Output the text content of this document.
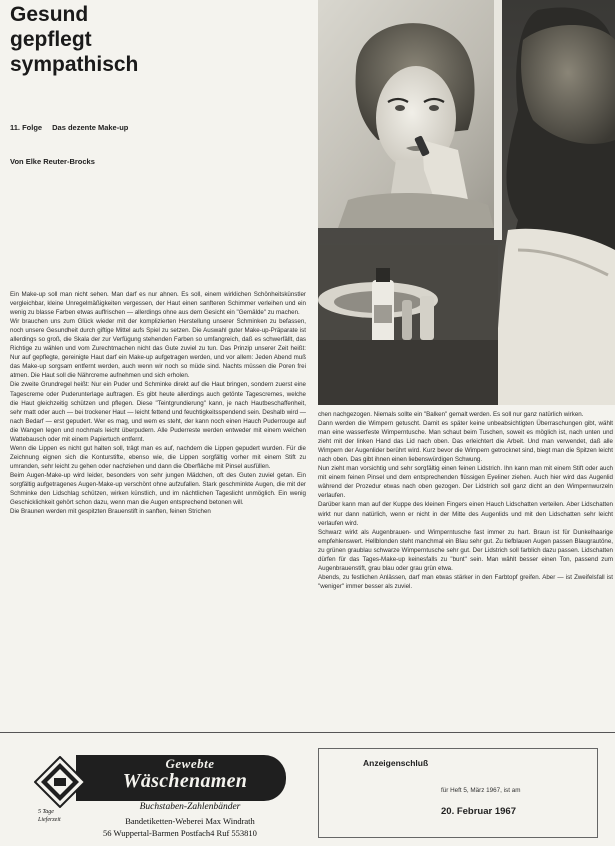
Gesund
gepflegt
sympathisch
11. Folge Das dezente Make-up
Von Elke Reuter-Brocks

Ein Make-up soll man nicht sehen. Man darf es nur ahnen. Es soll, einem wirklichen Schönheitskünstler vergleichbar, kleine Unregelmäßigkeiten vergessen, der Haut einen sanfteren Schimmer verleihen und ein wenig zu blasse Farben etwas auffrischen — allerdings ohne aus dem Gesicht ein "Gemälde" zu machen.

Wir brauchen uns zum Glück wieder mit der komplizierten Herstellung unserer Schminken zu befassen, noch unsere Gesundheit durch giftige Mittel aufs Spiel zu setzen. Die Auswahl guter Make-up-Präparate ist allerdings so groß, die Skala der zur Verfügung stehenden Farben so umfangreich, daß es schwerfällt, das Richtige zu wählen und vom Zurechtmachen nicht das Gute zuviel zu tun. Das Prinzip unserer Zeit heißt: Nur auf gepflegte, gereinigte Haut darf ein Make-up aufgetragen werden, und vor allem: Jeden Abend muß das Make-up sorgsam entfernt werden, auch wenn wir noch so müde sind. Nachts müssen die Poren frei atmen. Die Haut soll die Nährcreme aufnehmen und sich erholen.

Die zweite Grundregel heißt: Nur ein Puder und Schminke direkt auf die Haut bringen, sondern zuerst eine Tagescreme oder Puderunterlage auftragen. Es gibt heute allerdings auch getönte Tagescremes, welche die Haut gleichzeitig schützen und pflegen. Diese "Teintgrundierung" kann, je nach Hautbeschaffenheit, sehr matt oder auch — bei trockener Haut — leicht fettend und feuchtigkeitsspendend sein. Deshalb wird — nach Bedarf — erst gepudert. Wer es mag, und wem es steht, der kann noch einen Hauch Puderrouge auf die Wangen legen und nochmals leicht überpudern. Alle Puderreste werden entweder mit einem weichen Wattebausch oder mit einem Papiertuch entfernt.

Wenn die Lippen es nicht gut halten soll, trägt man es auf, nachdem die Lippen gepudert wurden. Für die Zeichnung eignen sich die Konturstifte, ebenso wie, die Lippen sorgfältig vorher mit einem Stift zu umranden, sehr leicht zu gehen oder nachziehen und dann die Oberfläche mit Pinsel ausfüllen.

Beim Augen-Make-up wird leider, besonders von sehr jungen Mädchen, oft des Guten zuviel getan. Ein sorgfältig aufgetragenes Augen-Make-up verschönt ohne aufzufallen. Stark geschminkte Augen, die mit der Schminke den Lidschlag schützen, wirken künstlich, und im nächtlichen Tageslicht unmöglich. Ein wenig Geschicklichkeit gehört schon dazu, wenn man die Augen entsprechend betonen will.

Die Braunen werden mit gespitzten Brauenstift in sanften, feinen Strichen

chen nachgezogen. Niemals sollte ein "Balken" gemalt werden. Es soll nur ganz natürlich wirken.

Dann werden die Wimpern getuscht. Damit es später keine unbeabsichtigten Überraschungen gibt, wählt man eine wasserfeste Wimperntusche. Man schaut beim Tuschen, soweit es möglich ist, nach unten und zieht mit der linken Hand das Lid nach oben. Das erleichtert die Arbeit. Und man verwendet, daß alle Wimpern der Augenlider berührt wird. Kurz bevor die Wimpern getrocknet sind, biegt man die Spitzen leicht nach oben. Das gibt ihnen einen liebenswürdigen Schwung.

Nun zieht man vorsichtig und sehr sorgfältig einen feinen Lidstrich. Ihn kann man mit einem Stift oder auch mit einem feinen Pinsel und dem entsprechenden flüssigen Eyeliner ziehen. Auch hier wird das Augenlid während der Prozedur etwas nach oben gezogen. Der Lidstrich soll ganz dicht an den Wimpernwurzeln verlaufen.

Darüber kann man auf der Kuppe des kleinen Fingers einen Hauch Lidschatten verteilen. Aber Lidschatten wirkt nur dann natürlich, wenn er nicht in der Mitte des Augenlids und mit den Lidschatten sehr leicht verlaufen wird.

Schwarz wirkt als Augenbrauen- und Wimperntusche fast immer zu hart. Braun ist für Dunkelhaarige empfehlenswert. Hellblonden steht manchmal ein Blau sehr gut. Zu tiefblauen Augen passen Blaugrautöne, zu grünen graublau schwarze Wimperntusche sehr gut. Der Lidstrich soll farblich dazu passen. Lidschatten dürfen für das Tages-Make-up keinesfalls zu "bunt" sein. Man wählt besser einen Ton, passend zum Augenbrauenstift, grau blau oder grau grün etwa.

Abends, zu festlichen Anlässen, darf man etwas stärker in den Farbtopf greifen. Aber — ist Zweifelsfall ist "weniger" immer besser als zuviel.

Gewebte
Wäschenamen
5 Tage Lieferzeit
Buchstaben-Zahlenbänder
Bandetiketten-Weberei Max Windrath
56 Wuppertal-Barmen Postfach4 Ruf 553810
Anzeigenschluß
für Heft 5, März 1967, ist am
20. Februar 1967
